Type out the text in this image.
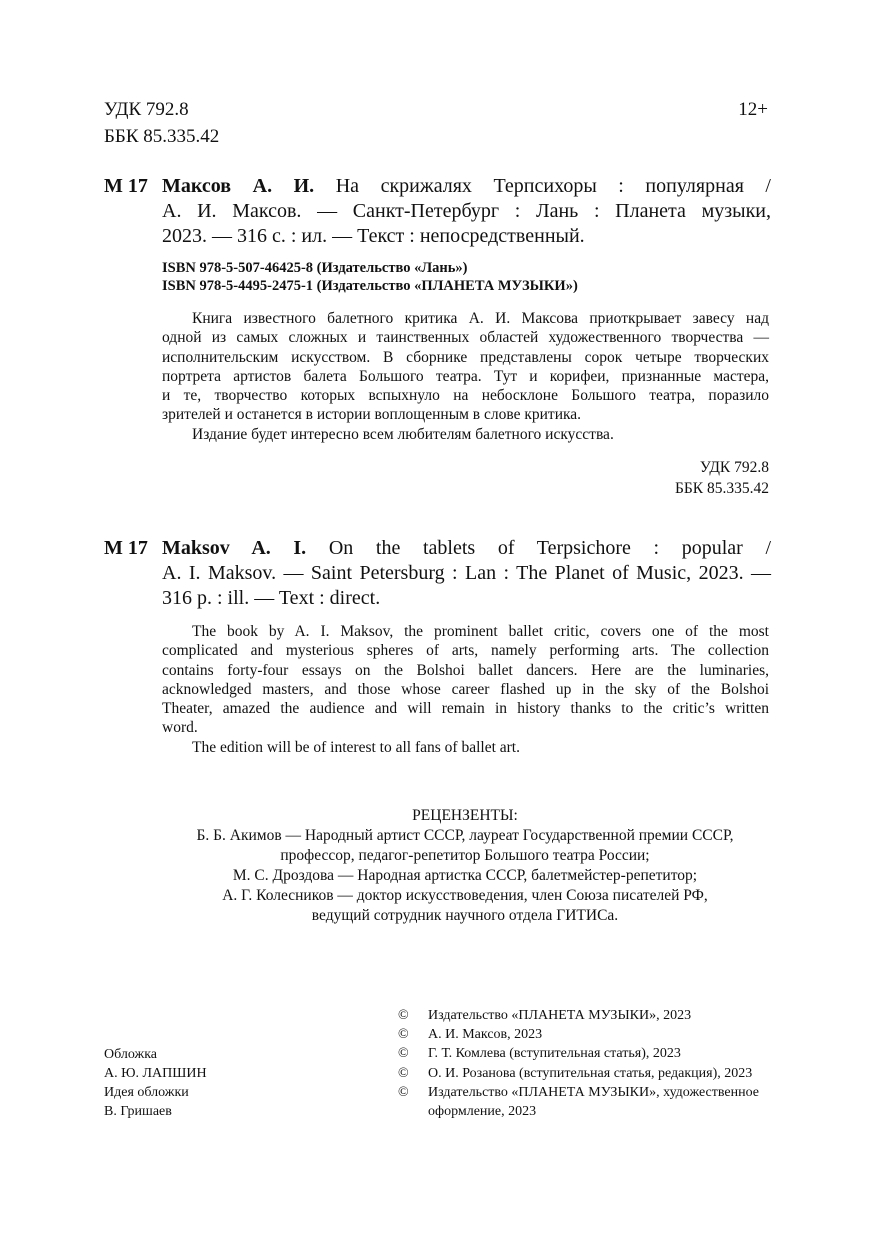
УДК 792.8
ББК 85.335.42
12+
М 17 Максов А. И. На скрижалях Терпсихоры : популярная /
А. И. Максов. — Санкт-Петербург : Лань : Планета музыки,
2023. — 316 с. : ил. — Текст : непосредственный.
ISBN 978-5-507-46425-8 (Издательство «Лань»)
ISBN 978-5-4495-2475-1 (Издательство «ПЛАНЕТА МУЗЫКИ»)

Книга известного балетного критика А. И. Максова приоткрывает завесу над
одной из самых сложных и таинственных областей художественного творчества —
исполнительским искусством. В сборнике представлены сорок четыре творческих
портрета артистов балета Большого театра. Тут и корифеи, признанные мастера,
и те, творчество которых вспыхнуло на небосклоне Большого театра, поразило
зрителей и останется в истории воплощенным в слове критика.

Издание будет интересно всем любителям балетного искусства.

УДК 792.8
ББК 85.335.42
М 17 Maksov A. I. On the tablets of Terpsichore : popular /
A. I. Maksov. — Saint Petersburg : Lan : The Planet of Music, 2023. —
316 p. : ill. — Text : direct.

The book by A. I. Maksov, the prominent ballet critic, covers one of the most
complicated and mysterious spheres of arts, namely performing arts. The collection
contains forty-four essays on the Bolshoi ballet dancers. Here are the luminaries,
acknowledged masters, and those whose career flashed up in the sky of the Bolshoi
Theater, amazed the audience and will remain in history thanks to the critic’s written
word.

The edition will be of interest to all fans of ballet art.

РЕЦЕНЗЕНТЫ:
Б. Б. Акимов — Народный артист СССР, лауреат Государственной премии СССР,
профессор, педагог-репетитор Большого театра России;
М. С. Дроздова — Народная артистка СССР, балетмейстер-репетитор;
А. Г. Колесников — доктор искусствоведения, член Союза писателей РФ,
ведущий сотрудник научного отдела ГИТИСа.
Обложка
А. Ю. ЛАПШИН
Идея обложки
В. Гришаев
©	Издательство «ПЛАНЕТА МУЗЫКИ», 2023
©	А. И. Максов, 2023
©	Г. Т. Комлева (вступительная статья), 2023
©	О. И. Розанова (вступительная статья, редакция), 2023
©	Издательство «ПЛАНЕТА МУЗЫКИ», художественное
оформление, 2023
